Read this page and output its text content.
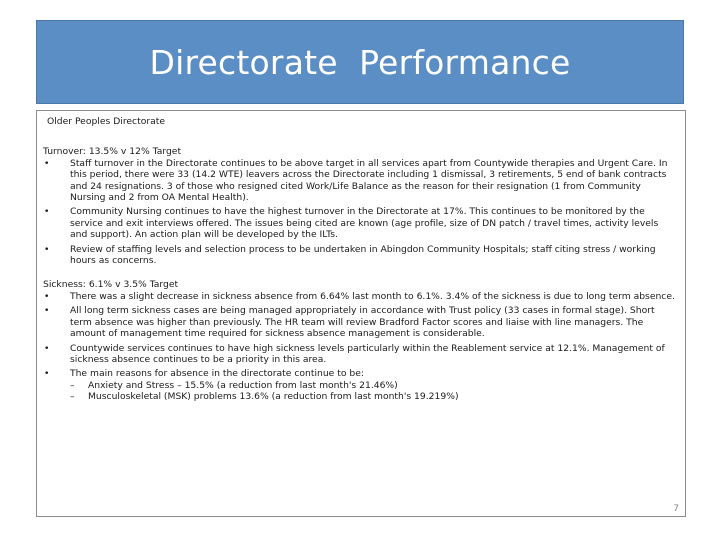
Directorate  Performance

Older Peoples Directorate

Turnover: 13.5% v 12% Target

• Staff turnover in the Directorate continues to be above target in all services apart from Countywide therapies and Urgent Care. In this period, there were 33 (14.2 WTE) leavers across the Directorate including 1 dismissal, 3 retirements, 5 end of bank contracts and 24 resignations. 3 of those who resigned cited Work/Life Balance as the reason for their resignation (1 from Community Nursing and 2 from OA Mental Health).
• Community Nursing continues to have the highest turnover in the Directorate at 17%. This continues to be monitored by the service and exit interviews offered. The issues being cited are known (age profile, size of DN patch / travel times, activity levels and support). An action plan will be developed by the ILTs.
• Review of staffing levels and selection process to be undertaken in Abingdon Community Hospitals; staff citing stress / working hours as concerns.

Sickness: 6.1% v 3.5% Target

• There was a slight decrease in sickness absence from 6.64% last month to 6.1%. 3.4% of the sickness is due to long term absence.
• All long term sickness cases are being managed appropriately in accordance with Trust policy (33 cases in formal stage). Short term absence was higher than previously. The HR team will review Bradford Factor scores and liaise with line managers. The amount of management time required for sickness absence management is considerable.
• Countywide services continues to have high sickness levels particularly within the Reablement service at 12.1%. Management of sickness absence continues to be a priority in this area.
• The main reasons for absence in the directorate continue to be:
– Anxiety and Stress – 15.5% (a reduction from last month's 21.46%)
– Musculoskeletal (MSK) problems 13.6% (a reduction from last month's 19.219%)
7
